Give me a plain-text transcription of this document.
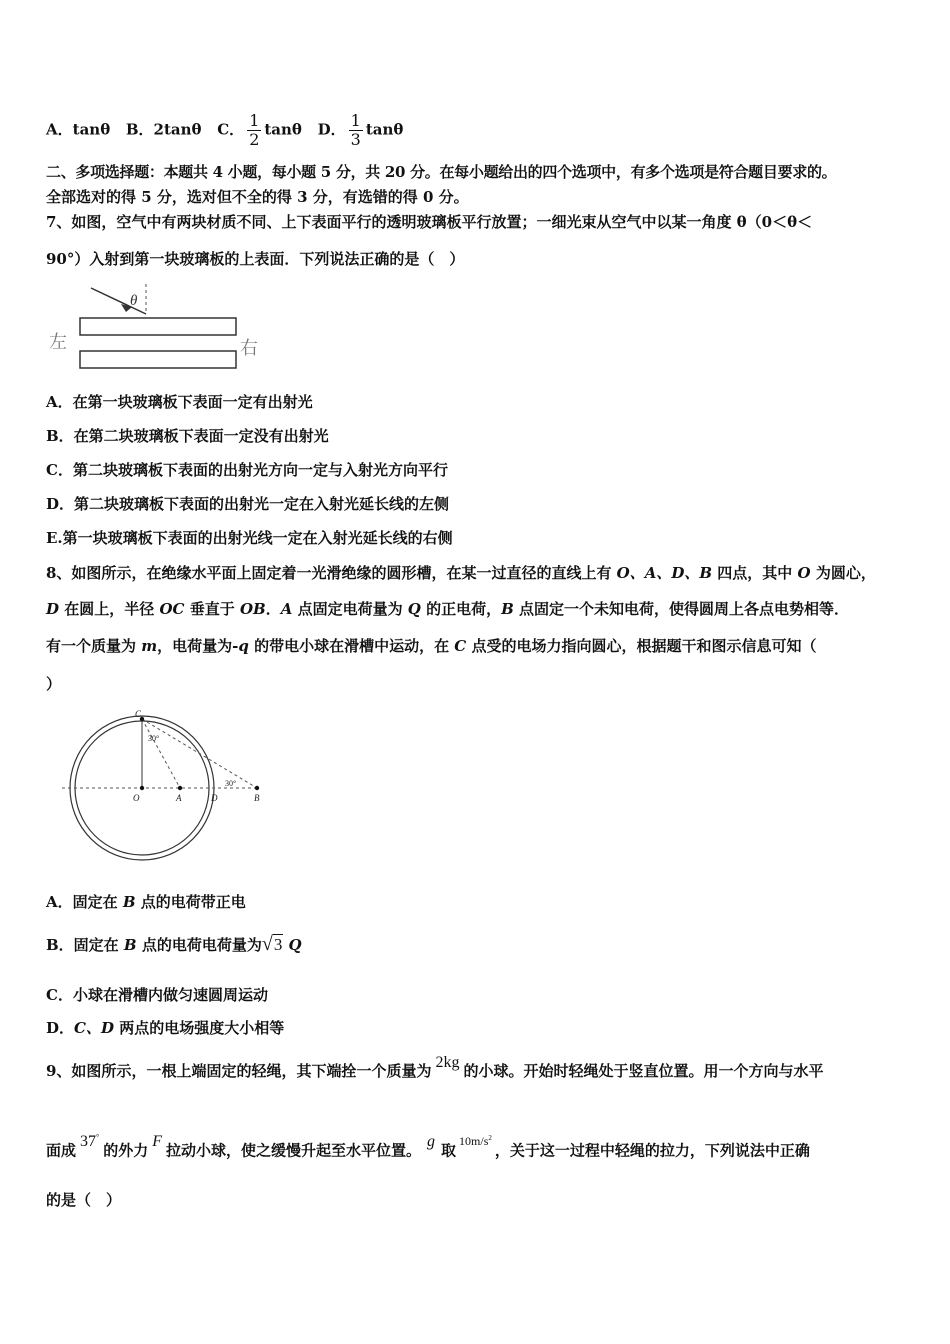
A．tanθ B．2tanθ C． $\frac{1}{2}$ tanθ D． $\frac{1}{3}$ tanθ
二、多项选择题：本题共 4 小题，每小题 5 分，共 20 分。在每小题给出的四个选项中，有多个选项是符合题目要求的。
全部选对的得 5 分，选对但不全的得 3 分，有选错的得 0 分。
7、如图，空气中有两块材质不同、上下表面平行的透明玻璃板平行放置；一细光束从空气中以某一角度 θ（0＜θ＜
90°）入射到第一块玻璃板的上表面．下列说法正确的是（　）
θ
左	右
A．在第一块玻璃板下表面一定有出射光
B．在第二块玻璃板下表面一定没有出射光
C．第二块玻璃板下表面的出射光方向一定与入射光方向平行
D．第二块玻璃板下表面的出射光一定在入射光延长线的左侧
E.第一块玻璃板下表面的出射光线一定在入射光延长线的右侧
8、如图所示，在绝缘水平面上固定着一光滑绝缘的圆形槽，在某一过直径的直线上有 O、A、D、B 四点，其中 O 为圆心，
D 在圆上，半径 OC 垂直于 OB．A 点固定电荷量为 Q 的正电荷，B 点固定一个未知电荷，使得圆周上各点电势相等．
有一个质量为 m，电荷量为-q 的带电小球在滑槽中运动，在 C 点受的电场力指向圆心，根据题干和图示信息可知（
）
C
O	A	D	B
30°
30°
A．固定在 B 点的电荷带正电
B．固定在 B 点的电荷电荷量为√3 Q
C．小球在滑槽内做匀速圆周运动
D．C、D 两点的电场强度大小相等
9、如图所示，一根上端固定的轻绳，其下端拴一个质量为 2kg 的小球。开始时轻绳处于竖直位置。用一个方向与水平
面成 37°的外力 F 拉动小球，使之缓慢升起至水平位置。 g 取 $^{10m/s^2}$，关于这一过程中轻绳的拉力，下列说法中正确
的是（　）
